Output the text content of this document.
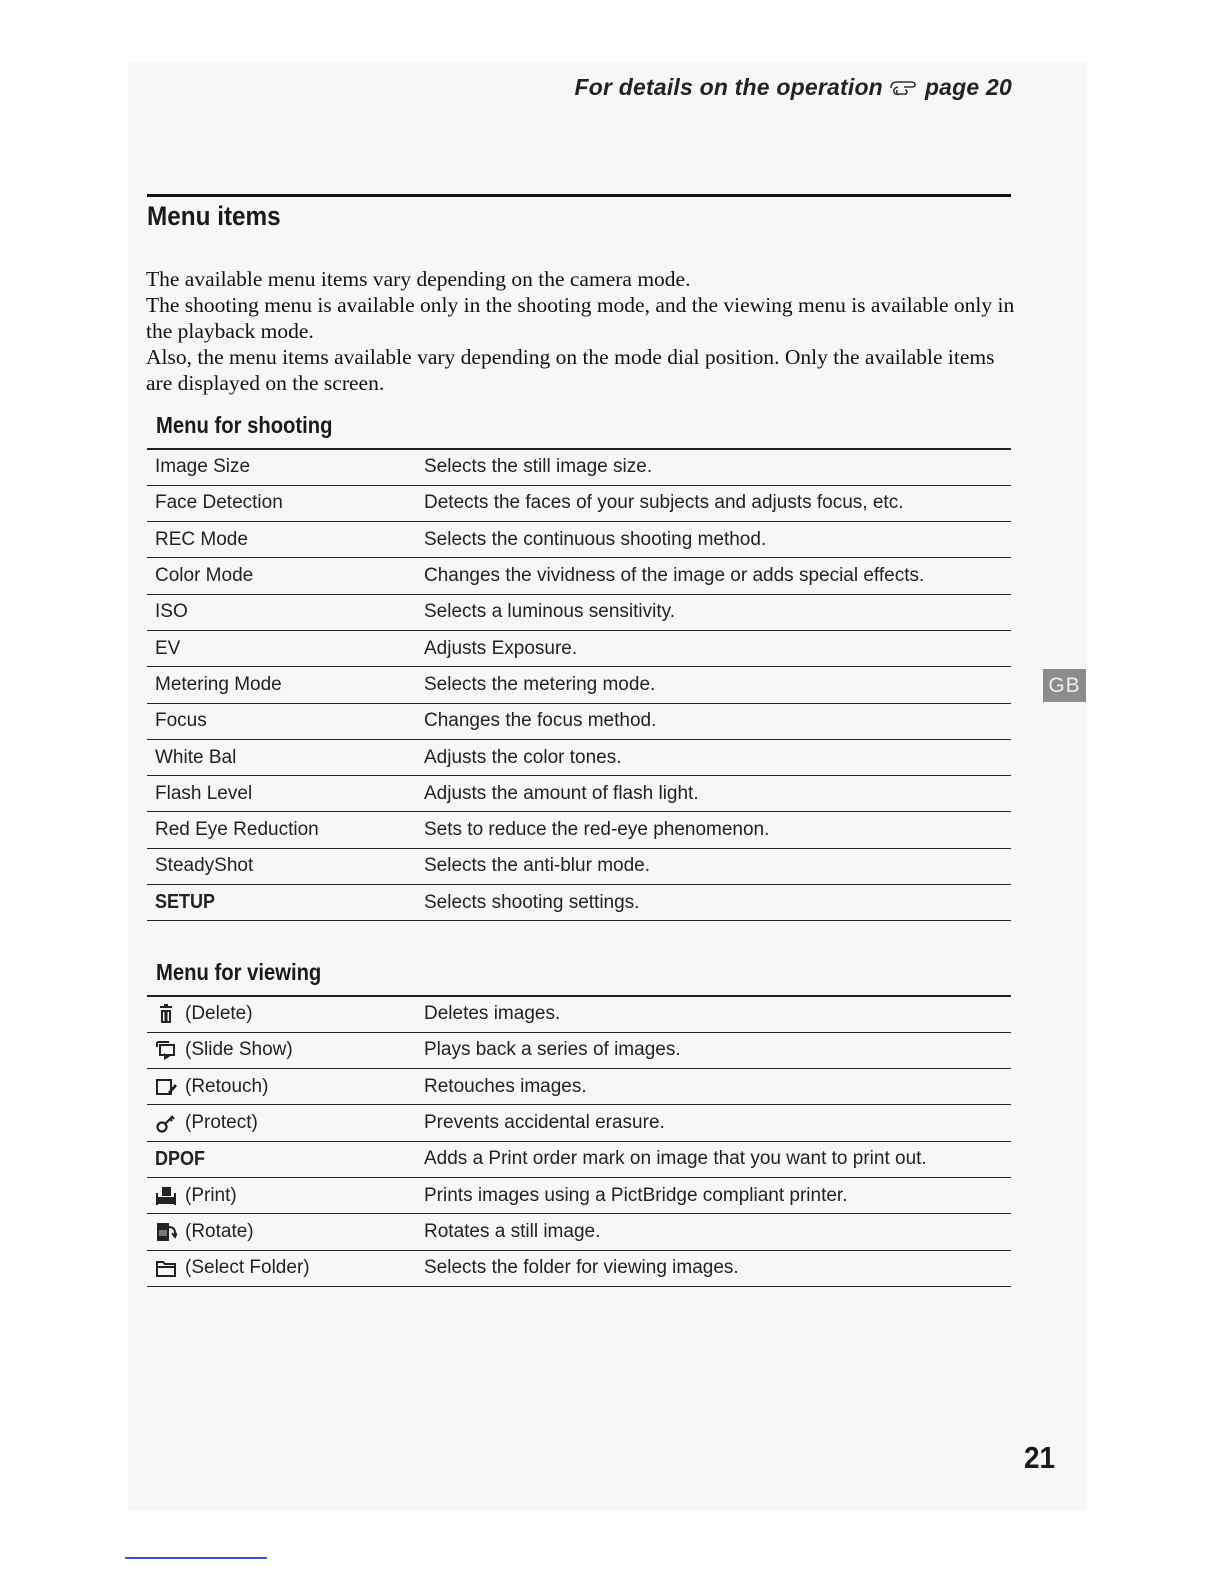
For details on the operation page 20
Menu items

The available menu items vary depending on the camera mode.

The shooting menu is available only in the shooting mode, and the viewing menu is available only in the playback mode.

Also, the menu items available vary depending on the mode dial position. Only the available items are displayed on the screen.

Menu for shooting
Image Size	Selects the still image size.
Face Detection	Detects the faces of your subjects and adjusts focus, etc.
REC Mode	Selects the continuous shooting method.
Color Mode	Changes the vividness of the image or adds special effects.
ISO	Selects a luminous sensitivity.
EV	Adjusts Exposure.
Metering Mode	Selects the metering mode.
Focus	Changes the focus method.
White Bal	Adjusts the color tones.
Flash Level	Adjusts the amount of flash light.
Red Eye Reduction	Sets to reduce the red-eye phenomenon.
SteadyShot	Selects the anti-blur mode.
SETUP	Selects shooting settings.
Menu for viewing
(Delete)	Deletes images.
(Slide Show)	Plays back a series of images.
(Retouch)	Retouches images.
(Protect)	Prevents accidental erasure.
DPOF	Adds a Print order mark on image that you want to print out.
(Print)	Prints images using a PictBridge compliant printer.
(Rotate)	Rotates a still image.
(Select Folder)	Selects the folder for viewing images.
GB
21
